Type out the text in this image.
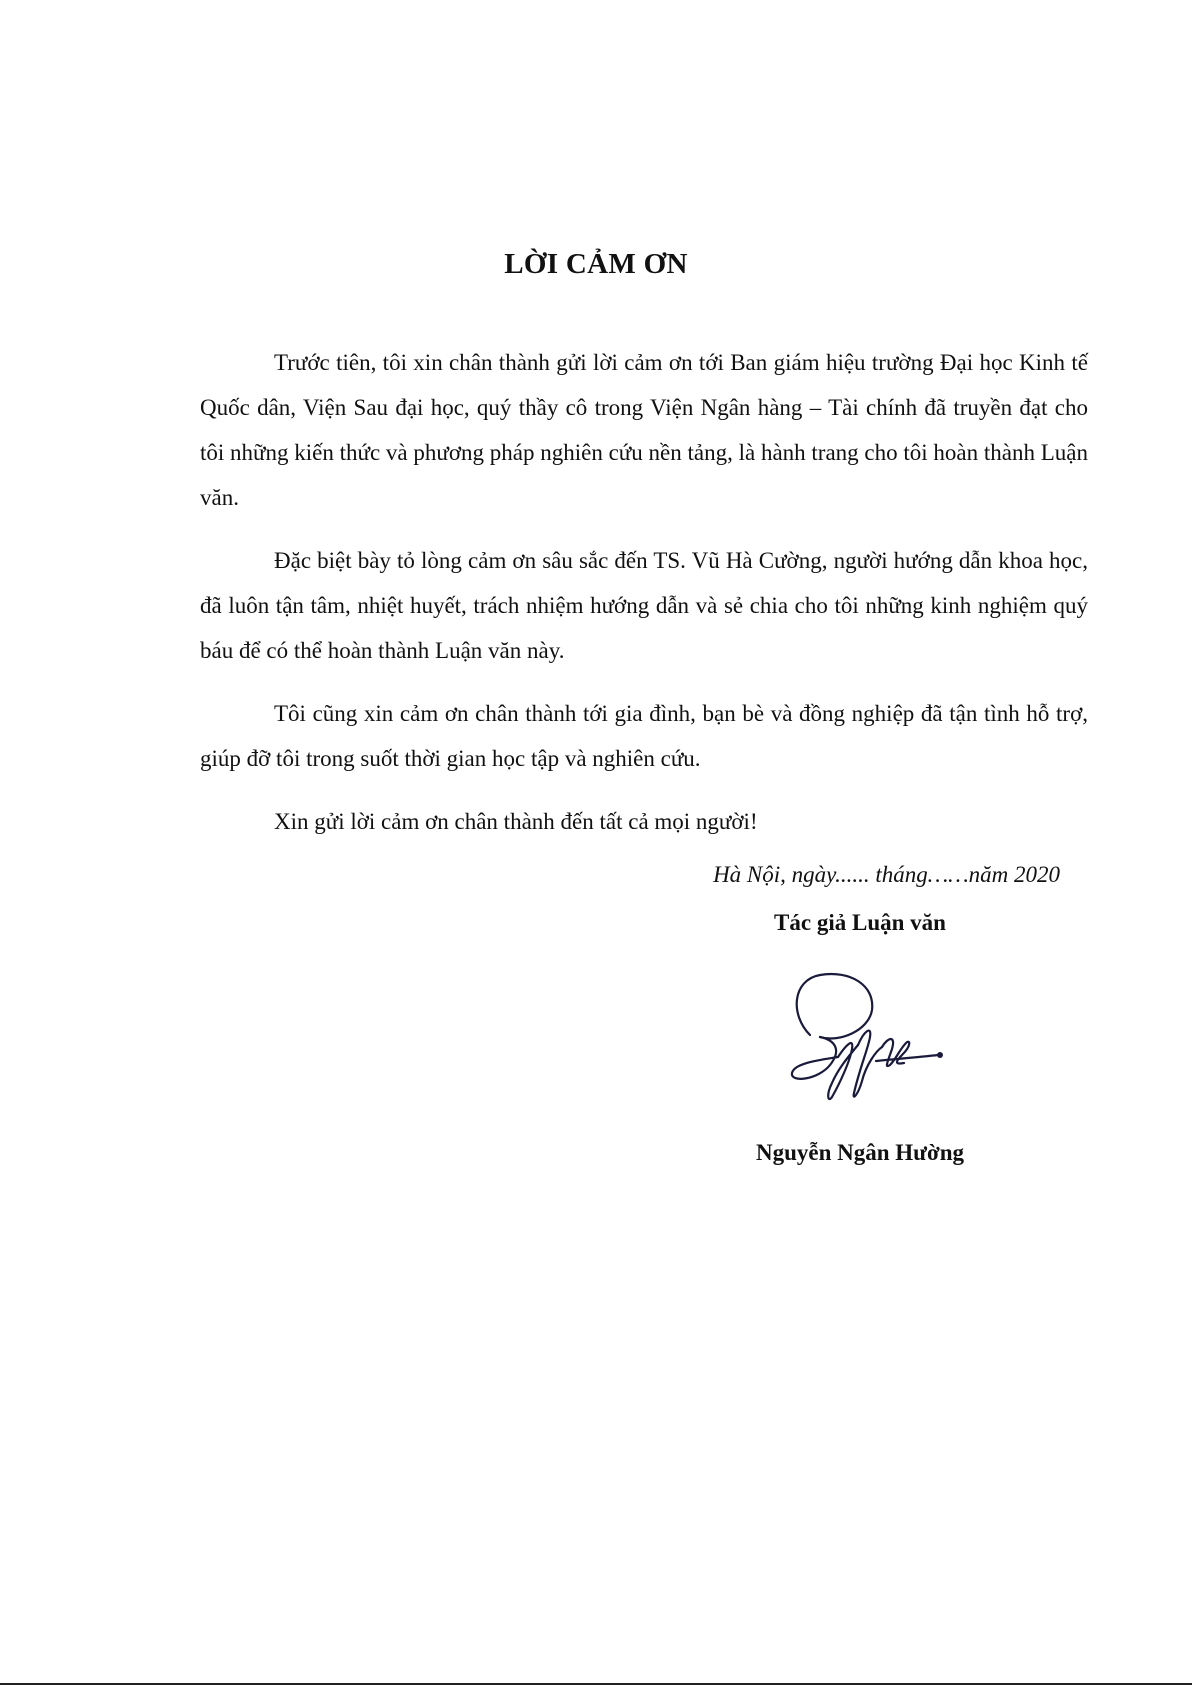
LỜI CẢM ƠN

Trước tiên, tôi xin chân thành gửi lời cảm ơn tới Ban giám hiệu trường Đại học Kinh tế Quốc dân, Viện Sau đại học, quý thầy cô trong Viện Ngân hàng – Tài chính đã truyền đạt cho tôi những kiến thức và phương pháp nghiên cứu nền tảng, là hành trang cho tôi hoàn thành Luận văn.

Đặc biệt bày tỏ lòng cảm ơn sâu sắc đến TS. Vũ Hà Cường, người hướng dẫn khoa học, đã luôn tận tâm, nhiệt huyết, trách nhiệm hướng dẫn và sẻ chia cho tôi những kinh nghiệm quý báu để có thể hoàn thành Luận văn này.

Tôi cũng xin cảm ơn chân thành tới gia đình, bạn bè và đồng nghiệp đã tận tình hỗ trợ, giúp đỡ tôi trong suốt thời gian học tập và nghiên cứu.

Xin gửi lời cảm ơn chân thành đến tất cả mọi người!

Hà Nội, ngày...... tháng……năm 2020
Tác giả Luận văn
Nguyễn Ngân Hường
